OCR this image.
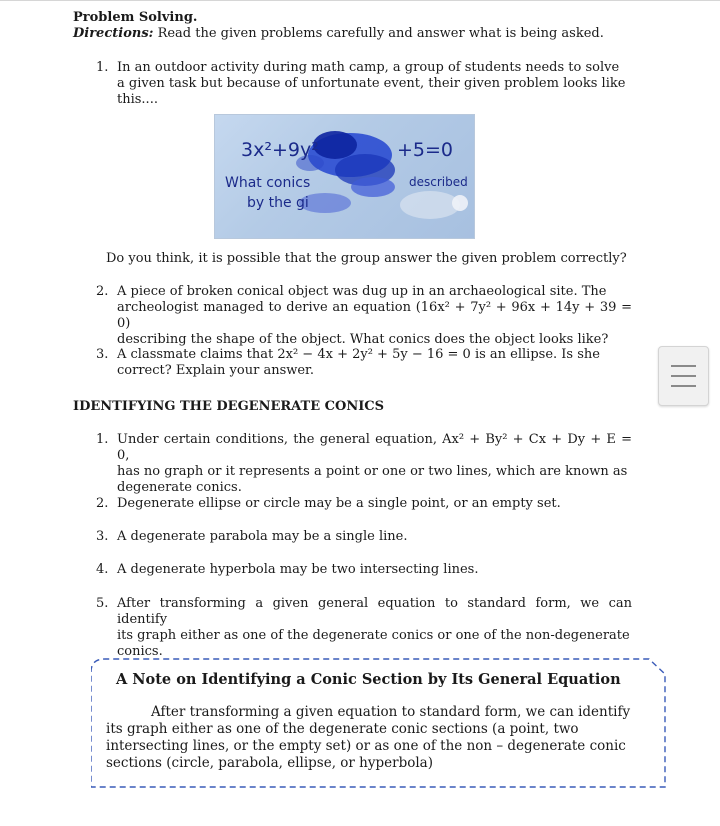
Problem Solving.
Directions: Read the given problems carefully and answer what is being asked.
1. In an outdoor activity during math camp, a group of students needs to solve
a given task but because of unfortunate event, their given problem looks like
this....
3x²+9y²	+5=0
What conics	described
by the gi
Do you think, it is possible that the group answer the given problem correctly?
2. A piece of broken conical object was dug up in an archaeological site. The
archeologist managed to derive an equation (16x² + 7y² + 96x + 14y + 39 = 0)
describing the shape of the object. What conics does the object looks like?
3. A classmate claims that 2x² − 4x + 2y² + 5y − 16 = 0 is an ellipse. Is she
correct? Explain your answer.
IDENTIFYING THE DEGENERATE CONICS
1. Under certain conditions, the general equation, Ax² + By² + Cx + Dy + E = 0,
has no graph or it represents a point or one or two lines, which are known as
degenerate conics.
2. Degenerate ellipse or circle may be a single point, or an empty set.
3. A degenerate parabola may be a single line.
4. A degenerate hyperbola may be two intersecting lines.
5. After transforming a given general equation to standard form, we can identify
its graph either as one of the degenerate conics or one of the non-degenerate
conics.
A Note on Identifying a Conic Section by Its General Equation
After transforming a given equation to standard form, we can identify
its graph either as one of the degenerate conic sections (a point, two
intersecting lines, or the empty set) or as one of the non – degenerate conic
sections (circle, parabola, ellipse, or hyperbola)
